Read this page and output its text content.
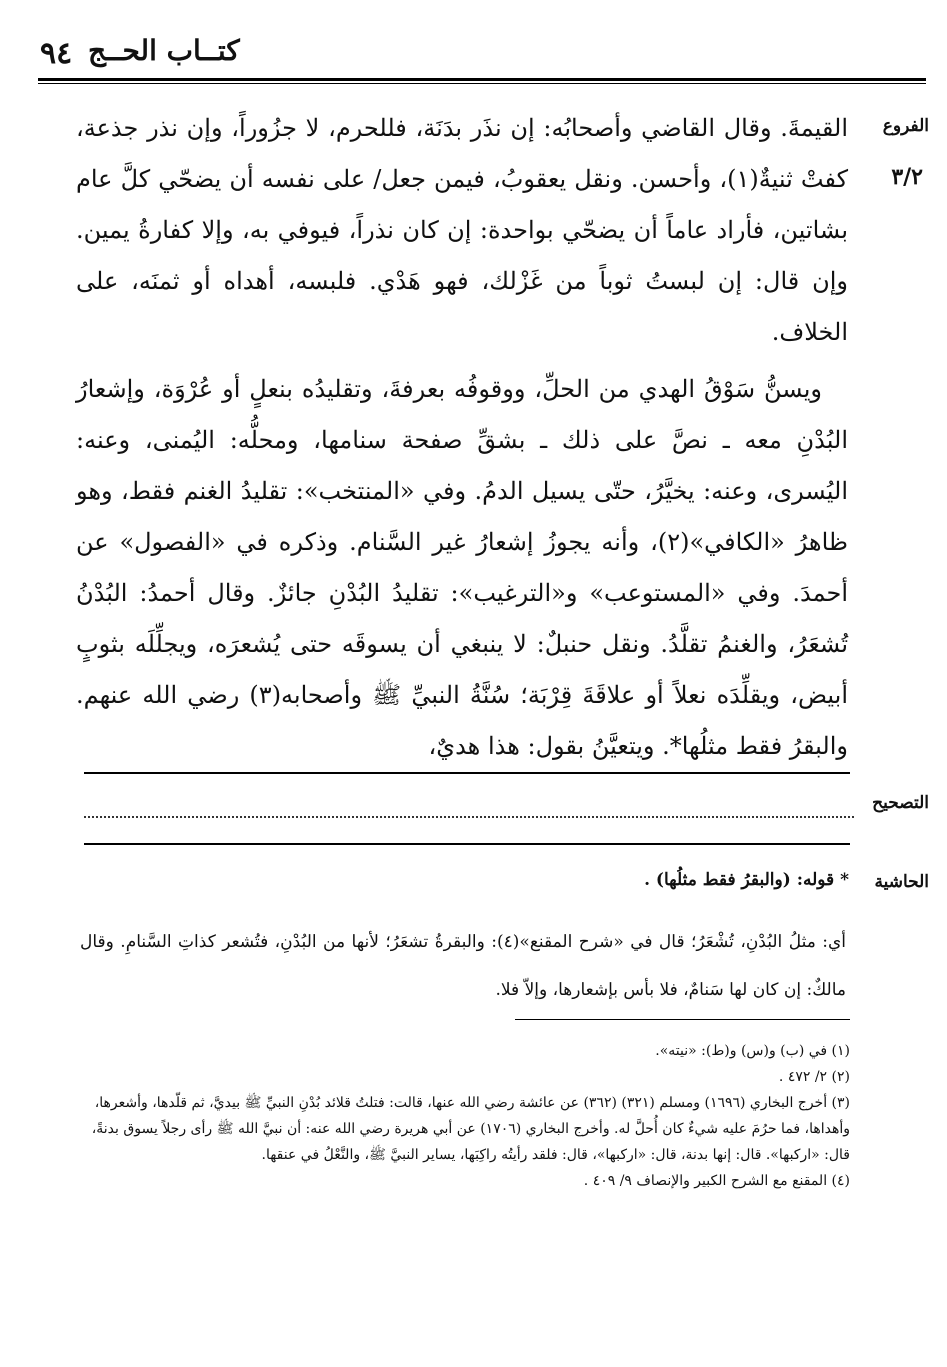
٩٤ كتــاب الحــج
الفروع
٣/٢

القيمةَ. وقال القاضي وأصحابُه: إن نذَر بدَنَة، فللحرم، لا جزُوراً، وإن نذر جذعة، كفتْ ثنيةٌ(١)، وأحسن. ونقل يعقوبُ، فيمن جعل/ على نفسه أن يضحّي كلَّ عام بشاتين، فأراد عاماً أن يضحّي بواحدة: إن كان نذراً، فيوفي به، وإلا كفارةُ يمين. وإن قال: إن لبستُ ثوباً من غَزْلك، فهو هَدْي. فلبسه، أهداه أو ثمنَه، على الخلاف.

ويسنُّ سَوْقُ الهدي من الحلِّ، ووقوفُه بعرفةَ، وتقليدُه بنعلٍ أو عُرْوَة، وإشعارُ البُدْنِ معه ـ نصَّ على ذلك ـ بشقِّ صفحة سنامها، ومحلُّه: اليُمنى، وعنه: اليُسرى، وعنه: يخيَّرُ، حتّى يسيل الدمُ. وفي «المنتخب»: تقليدُ الغنم فقط، وهو ظاهرُ «الكافي»(٢)، وأنه يجوزُ إشعارُ غير السَّنام. وذكره في «الفصول» عن أحمدَ. وفي «المستوعب» و«الترغيب»: تقليدُ البُدْنِ جائزٌ. وقال أحمدُ: البُدْنُ تُشعَرُ، والغنمُ تقلَّدُ. ونقل حنبلٌ: لا ينبغي أن يسوقَه حتى يُشعرَه، ويجلِّلَه بثوبٍ أبيض، ويقلِّدَه نعلاً أو علاقَةَ قِرْبَة؛ سُنَّةُ النبيِّ ﷺ وأصحابه(٣) رضي الله عنهم. والبقرُ فقط مثلُها*. ويتعيَّنُ بقول: هذا هديٌ،

التصحيح
الحاشية
* قوله: (والبقرُ فقط مثلُها) .
أي: مثلُ البُدْنِ، تُشْعَرُ؛ قال في «شرح المقنع»(٤): والبقرةُ تشعَرُ؛ لأنها من البُدْنِ، فتُشعر كذاتِ السَّنامِ. وقال مالكٌ: إن كان لها سَنامٌ، فلا بأس بإشعارها، وإلاّ فلا.

(١) في (ب) و(س) و(ط): «نيته».

(٢) ٢/ ٤٧٢ .

(٣) أخرج البخاري (١٦٩٦) ومسلم (٣٢١) (٣٦٢) عن عائشة رضي الله عنها، قالت: فتلتُ قلائد بُدْنِ النبيِّ ﷺ بيديَّ، ثم قلّدها، وأشعرها، وأهداها، فما حرُمَ عليه شيءٌ كان أُحلَّ له. وأخرج البخاري (١٧٠٦) عن أبي هريرة رضي الله عنه: أن نبيَّ الله ﷺ رأى رجلاً يسوق بدنةً، قال: «اركبها». قال: إنها بدنة، قال: «اركبها»، قال: فلقد رأيتُه راكِبَها، يساير النبيَّ ﷺ، والنَّعْلُ في عنقها.

(٤) المقنع مع الشرح الكبير والإنصاف ٩/ ٤٠٩ .
